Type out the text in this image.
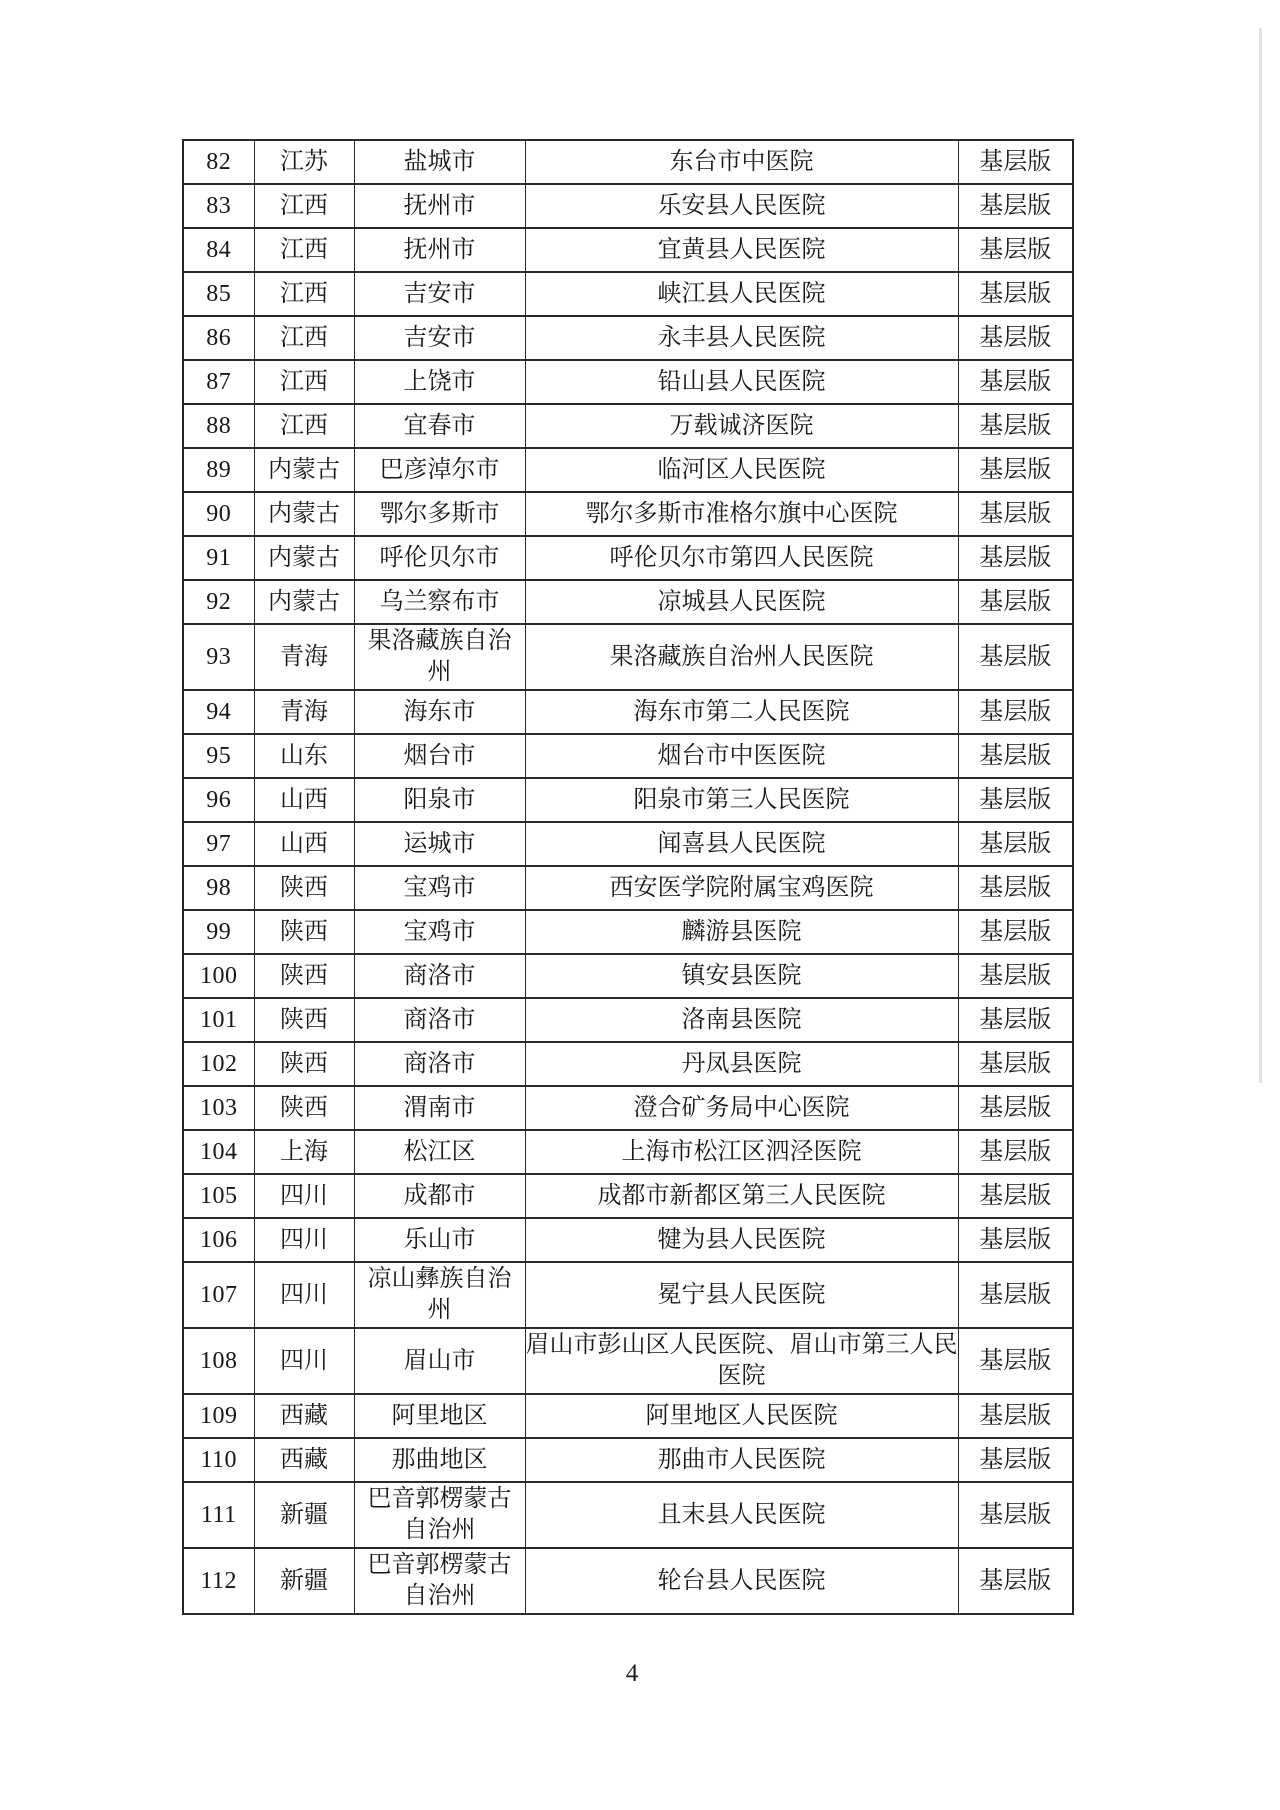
82	江苏	盐城市	东台市中医院	基层版
83	江西	抚州市	乐安县人民医院	基层版
84	江西	抚州市	宜黄县人民医院	基层版
85	江西	吉安市	峡江县人民医院	基层版
86	江西	吉安市	永丰县人民医院	基层版
87	江西	上饶市	铅山县人民医院	基层版
88	江西	宜春市	万载诚济医院	基层版
89	内蒙古	巴彦淖尔市	临河区人民医院	基层版
90	内蒙古	鄂尔多斯市	鄂尔多斯市准格尔旗中心医院	基层版
91	内蒙古	呼伦贝尔市	呼伦贝尔市第四人民医院	基层版
92	内蒙古	乌兰察布市	凉城县人民医院	基层版
93	青海	果洛藏族自治州	果洛藏族自治州人民医院	基层版
94	青海	海东市	海东市第二人民医院	基层版
95	山东	烟台市	烟台市中医医院	基层版
96	山西	阳泉市	阳泉市第三人民医院	基层版
97	山西	运城市	闻喜县人民医院	基层版
98	陕西	宝鸡市	西安医学院附属宝鸡医院	基层版
99	陕西	宝鸡市	麟游县医院	基层版
100	陕西	商洛市	镇安县医院	基层版
101	陕西	商洛市	洛南县医院	基层版
102	陕西	商洛市	丹凤县医院	基层版
103	陕西	渭南市	澄合矿务局中心医院	基层版
104	上海	松江区	上海市松江区泗泾医院	基层版
105	四川	成都市	成都市新都区第三人民医院	基层版
106	四川	乐山市	犍为县人民医院	基层版
107	四川	凉山彝族自治州	冕宁县人民医院	基层版
108	四川	眉山市	眉山市彭山区人民医院、眉山市第三人民医院	基层版
109	西藏	阿里地区	阿里地区人民医院	基层版
110	西藏	那曲地区	那曲市人民医院	基层版
111	新疆	巴音郭楞蒙古自治州	且末县人民医院	基层版
112	新疆	巴音郭楞蒙古自治州	轮台县人民医院	基层版
4
